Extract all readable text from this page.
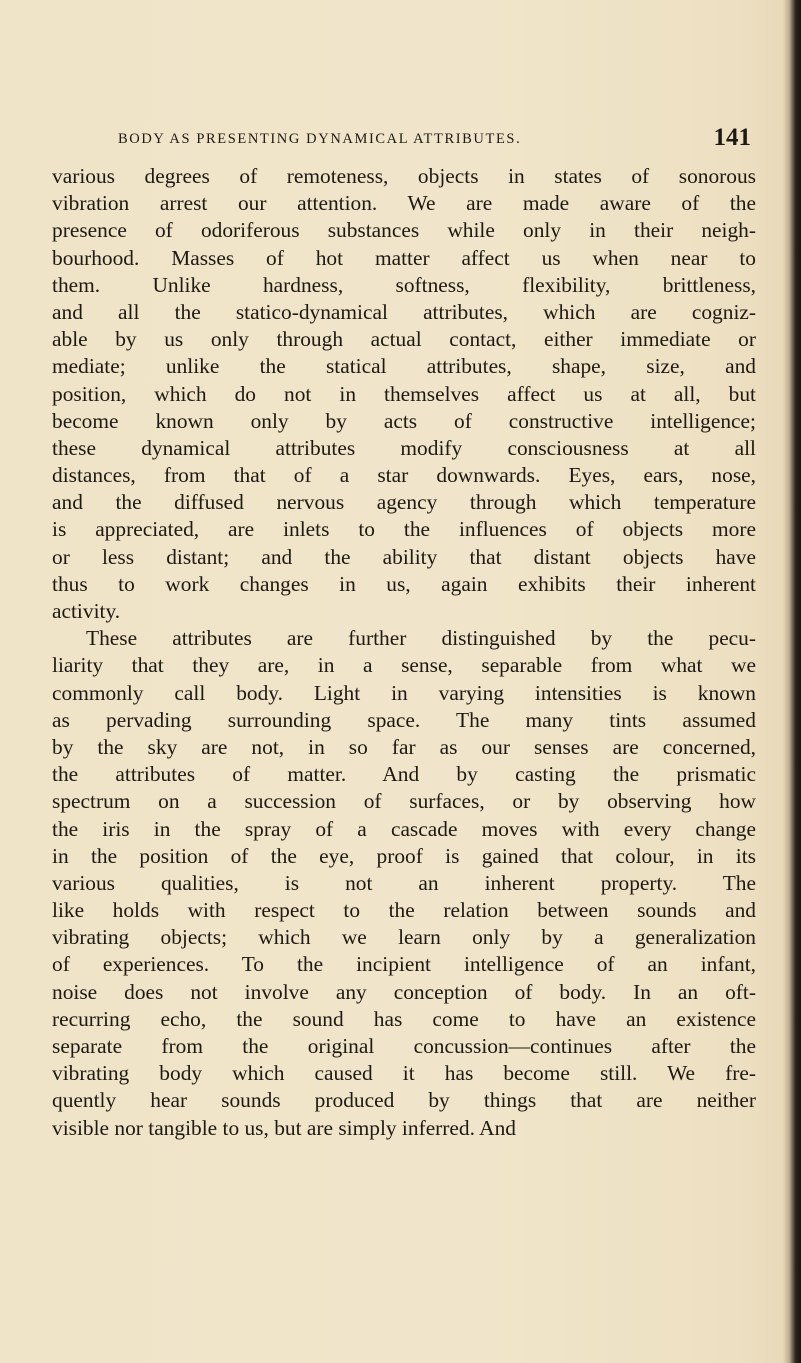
BODY AS PRESENTING DYNAMICAL ATTRIBUTES.	141
various degrees of remoteness, objects in states of sonorous
vibration arrest our attention. We are made aware of the
presence of odoriferous substances while only in their neigh-
bourhood. Masses of hot matter affect us when near to
them. Unlike hardness, softness, flexibility, brittleness,
and all the statico-dynamical attributes, which are cogniz-
able by us only through actual contact, either immediate or
mediate; unlike the statical attributes, shape, size, and
position, which do not in themselves affect us at all, but
become known only by acts of constructive intelligence;
these dynamical attributes modify consciousness at all
distances, from that of a star downwards. Eyes, ears, nose,
and the diffused nervous agency through which temperature
is appreciated, are inlets to the influences of objects more
or less distant; and the ability that distant objects have
thus to work changes in us, again exhibits their inherent
activity.
These attributes are further distinguished by the pecu-
liarity that they are, in a sense, separable from what we
commonly call body. Light in varying intensities is known
as pervading surrounding space. The many tints assumed
by the sky are not, in so far as our senses are concerned,
the attributes of matter. And by casting the prismatic
spectrum on a succession of surfaces, or by observing how
the iris in the spray of a cascade moves with every change
in the position of the eye, proof is gained that colour, in its
various qualities, is not an inherent property. The
like holds with respect to the relation between sounds and
vibrating objects; which we learn only by a generalization
of experiences. To the incipient intelligence of an infant,
noise does not involve any conception of body. In an oft-
recurring echo, the sound has come to have an existence
separate from the original concussion—continues after the
vibrating body which caused it has become still. We fre-
quently hear sounds produced by things that are neither
visible nor tangible to us, but are simply inferred. And
